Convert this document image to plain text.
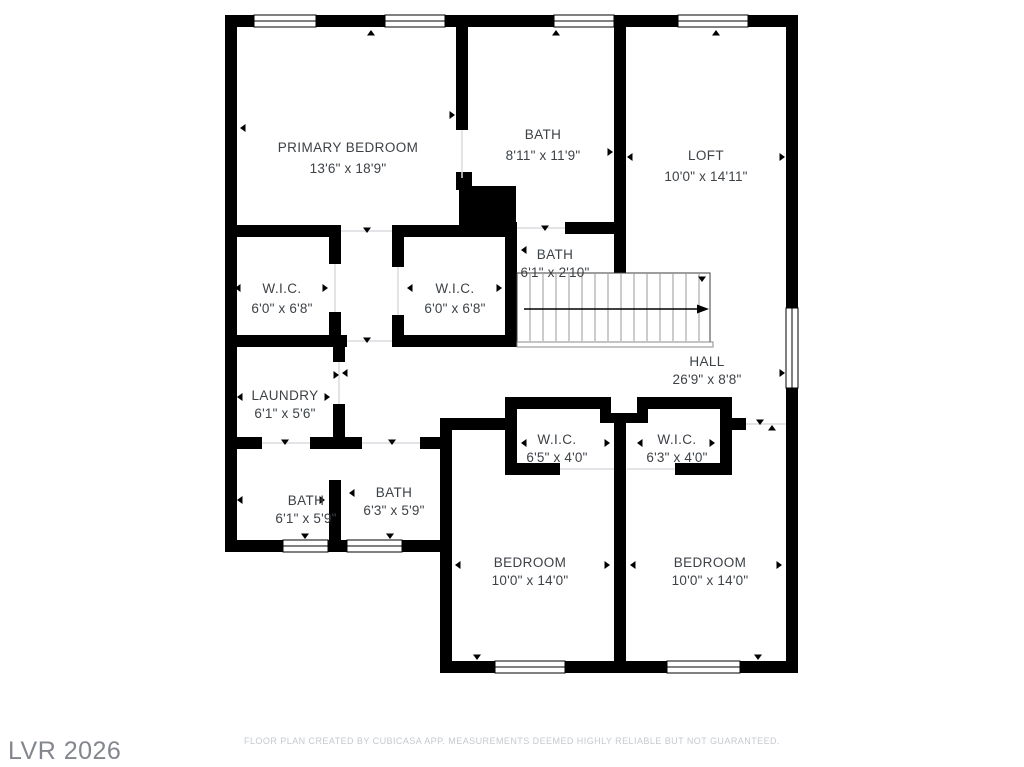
PRIMARY BEDROOM
13'6" x 18'9"
BATH
8'11" x 11'9"	LOFT
10'0" x 14'11"
BATH
6'1" x 2'10"
W.I.C.
6'0" x 6'8"
W.I.C.
6'0" x 6'8"
HALL
26'9" x 8'8"
LAUNDRY
6'1" x 5'6"
BATH
6'1" x 5'9"
BATH
6'3" x 5'9"
W.I.C.
6'5" x 4'0"
W.I.C.
6'3" x 4'0"
BEDROOM
10'0" x 14'0"
BEDROOM
10'0" x 14'0"
FLOOR PLAN CREATED BY CUBICASA APP. MEASUREMENTS DEEMED HIGHLY RELIABLE BUT NOT GUARANTEED.
LVR 2026
